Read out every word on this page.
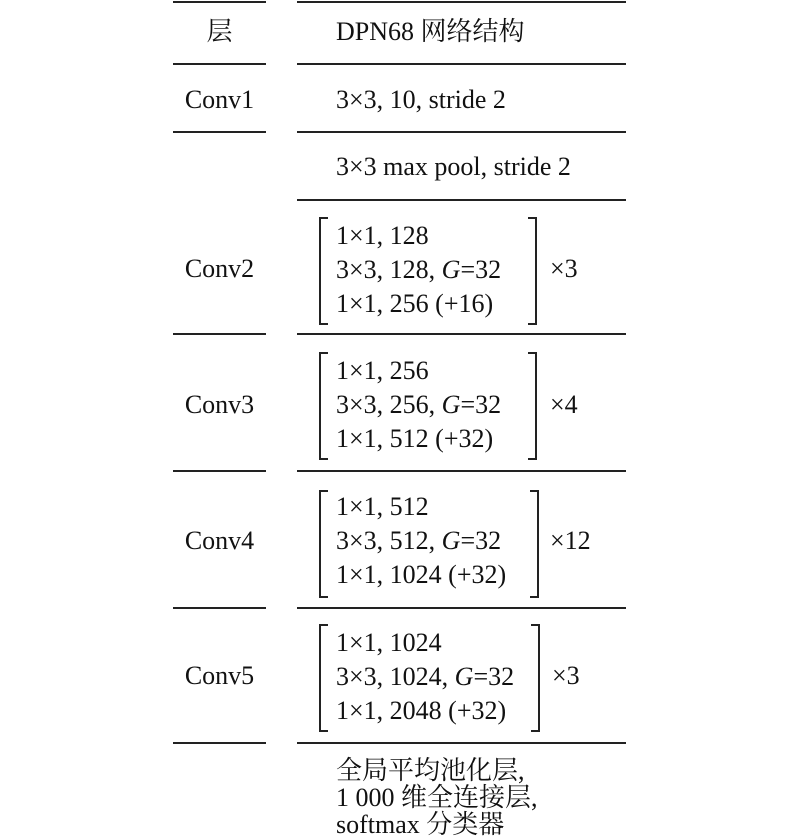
层	DPN68 网络结构
Conv1	3×3, 10, stride 2
3×3 max pool, stride 2
Conv2
1×1, 128
3×3, 128, G=32
1×1, 256 (+16)
×3
Conv3
1×1, 256
3×3, 256, G=32
1×1, 512 (+32)
×4
Conv4
1×1, 512
3×3, 512, G=32
1×1, 1024 (+32)
×12
Conv5
1×1, 1024
3×3, 1024, G=32
1×1, 2048 (+32)
×3
全局平均池化层,
1 000 维全连接层,
softmax 分类器
